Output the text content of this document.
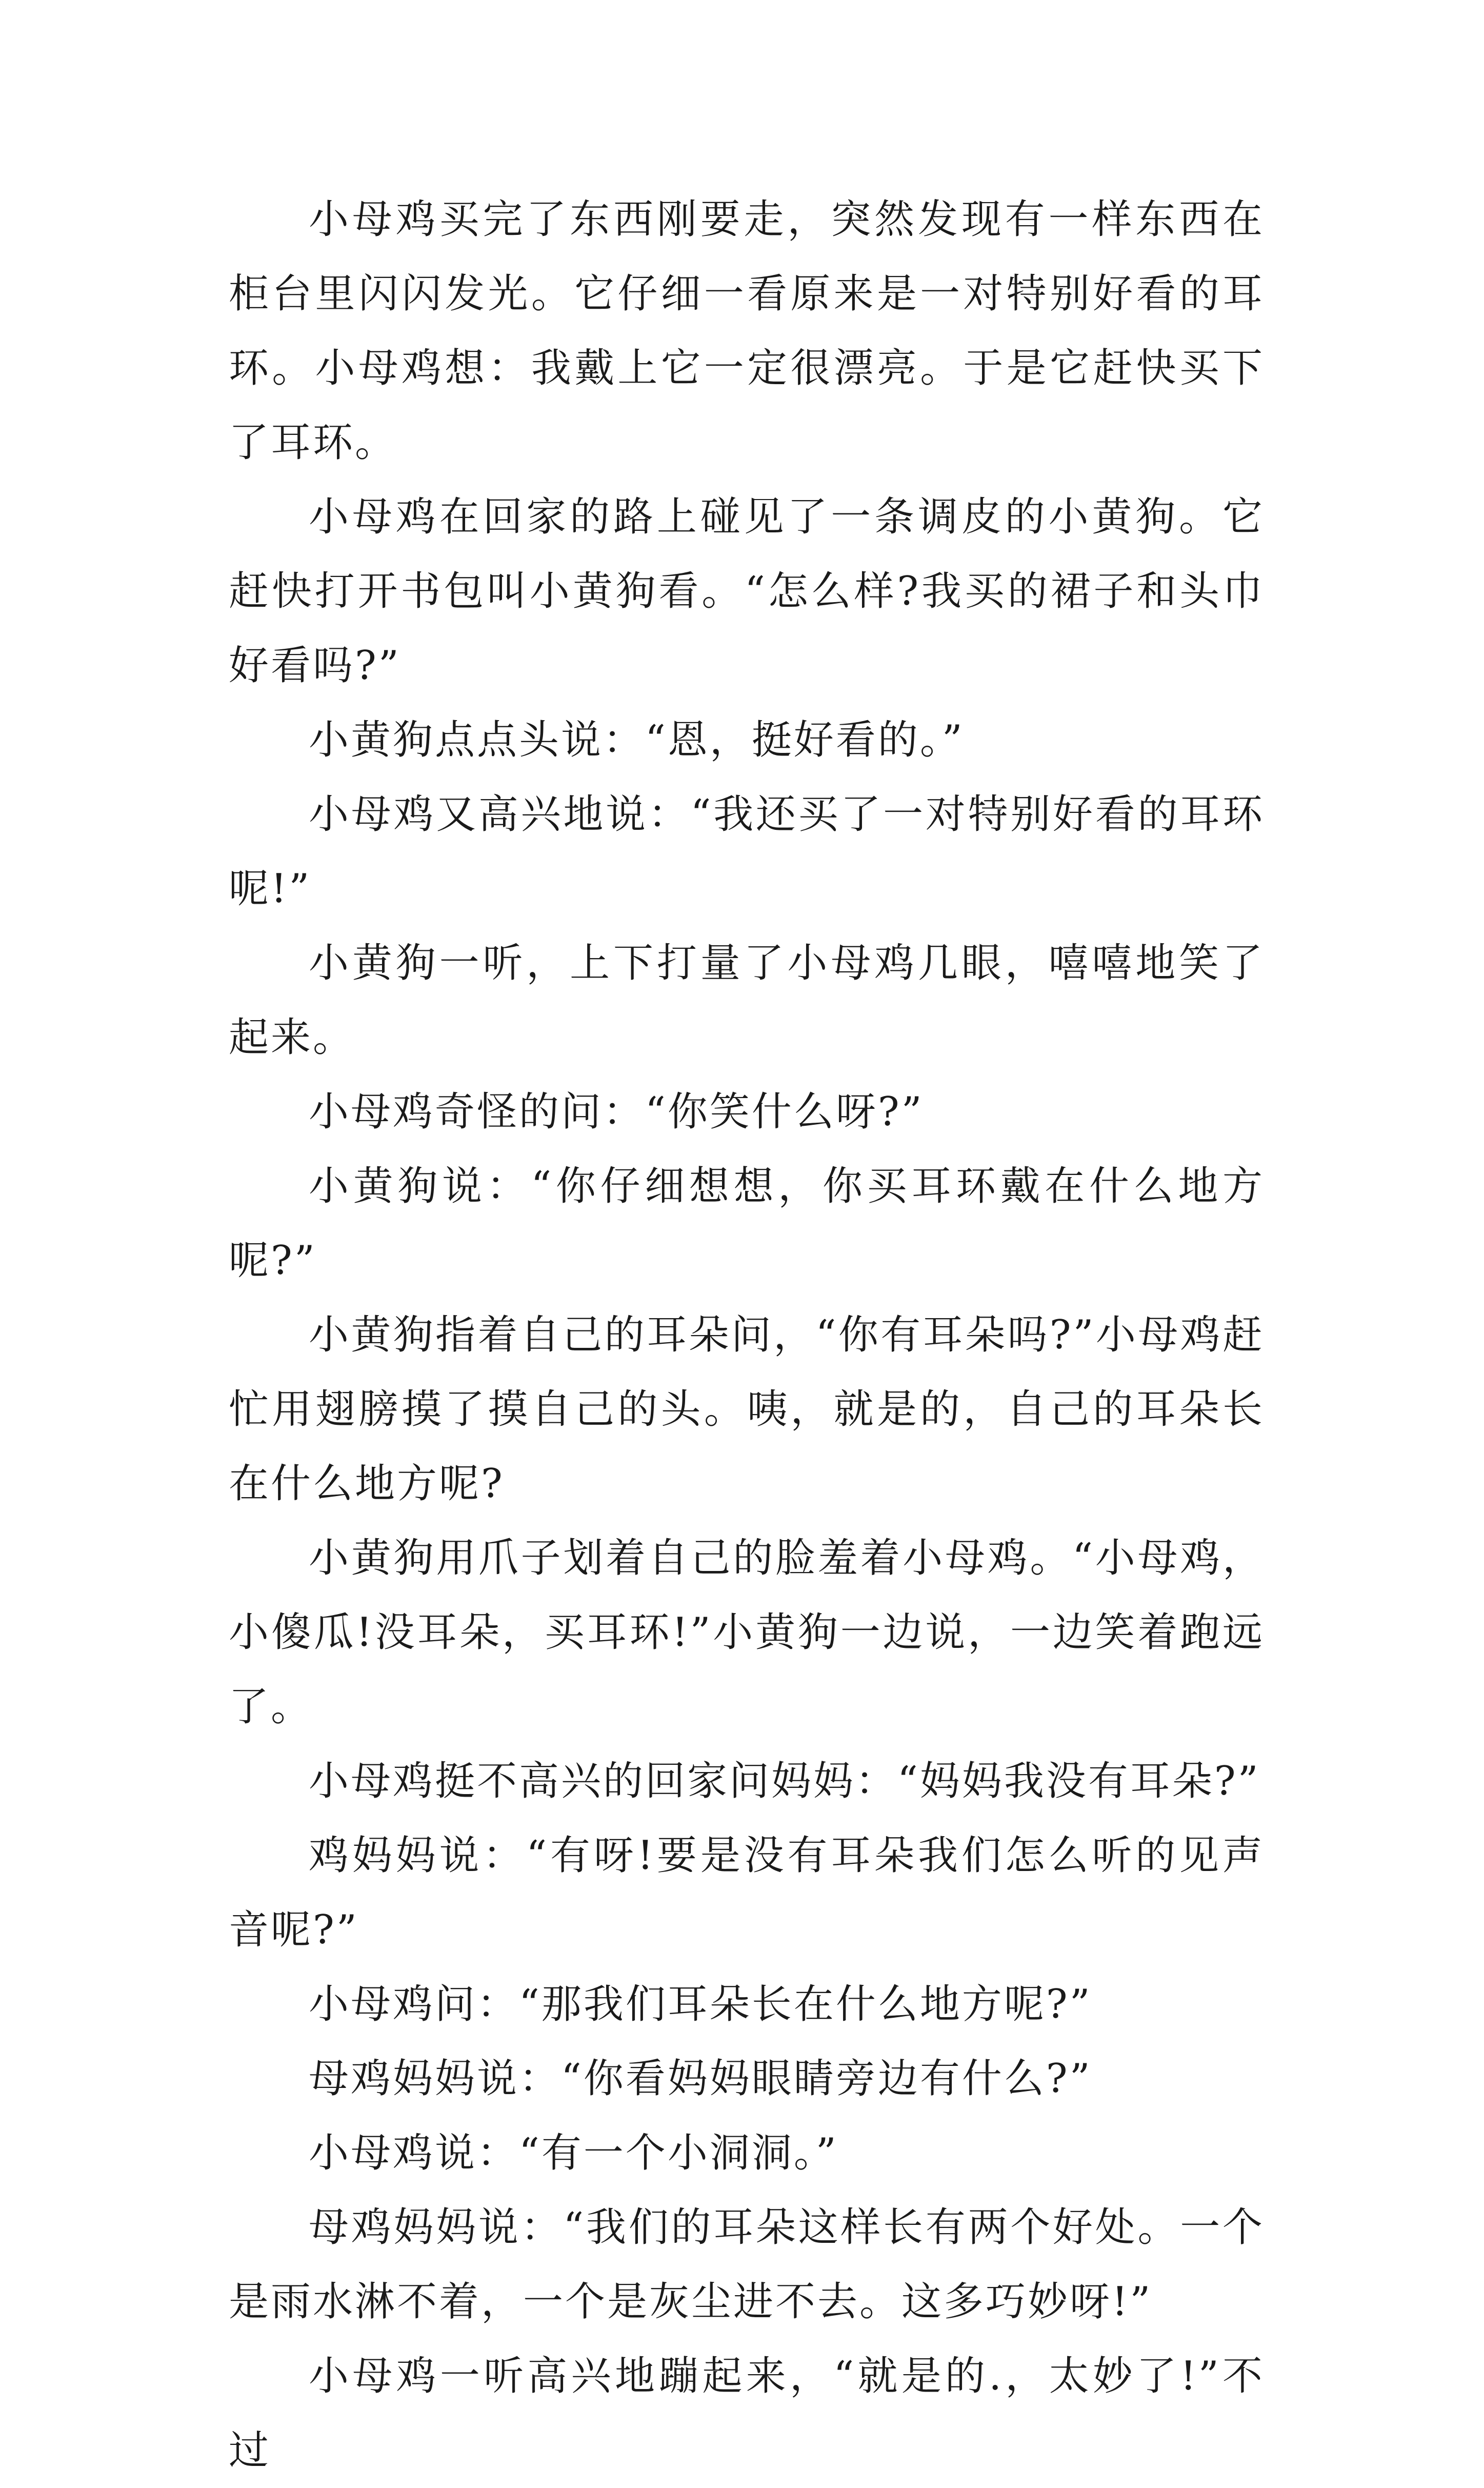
小母鸡买完了东西刚要走，突然发现有一样东西在柜台里闪闪发光。它仔细一看原来是一对特别好看的耳环。小母鸡想：我戴上它一定很漂亮。于是它赶快买下了耳环。

小母鸡在回家的路上碰见了一条调皮的小黄狗。它赶快打开书包叫小黄狗看。“怎么样?我买的裙子和头巾好看吗?”

小黄狗点点头说：“恩，挺好看的。”

小母鸡又高兴地说：“我还买了一对特别好看的耳环呢!”

小黄狗一听，上下打量了小母鸡几眼，嘻嘻地笑了起来。

小母鸡奇怪的问：“你笑什么呀?”

小黄狗说：“你仔细想想，你买耳环戴在什么地方呢?”

小黄狗指着自己的耳朵问，“你有耳朵吗?”小母鸡赶忙用翅膀摸了摸自己的头。咦，就是的，自己的耳朵长在什么地方呢?

小黄狗用爪子划着自己的脸羞着小母鸡。“小母鸡，小傻瓜!没耳朵，买耳环!”小黄狗一边说，一边笑着跑远了。

小母鸡挺不高兴的回家问妈妈：“妈妈我没有耳朵?”

鸡妈妈说：“有呀!要是没有耳朵我们怎么听的见声音呢?”

小母鸡问：“那我们耳朵长在什么地方呢?”

母鸡妈妈说：“你看妈妈眼睛旁边有什么?”

小母鸡说：“有一个小洞洞。”

母鸡妈妈说：“我们的耳朵这样长有两个好处。一个是雨水淋不着，一个是灰尘进不去。这多巧妙呀!”

小母鸡一听高兴地蹦起来，“就是的.，太妙了!”不过
